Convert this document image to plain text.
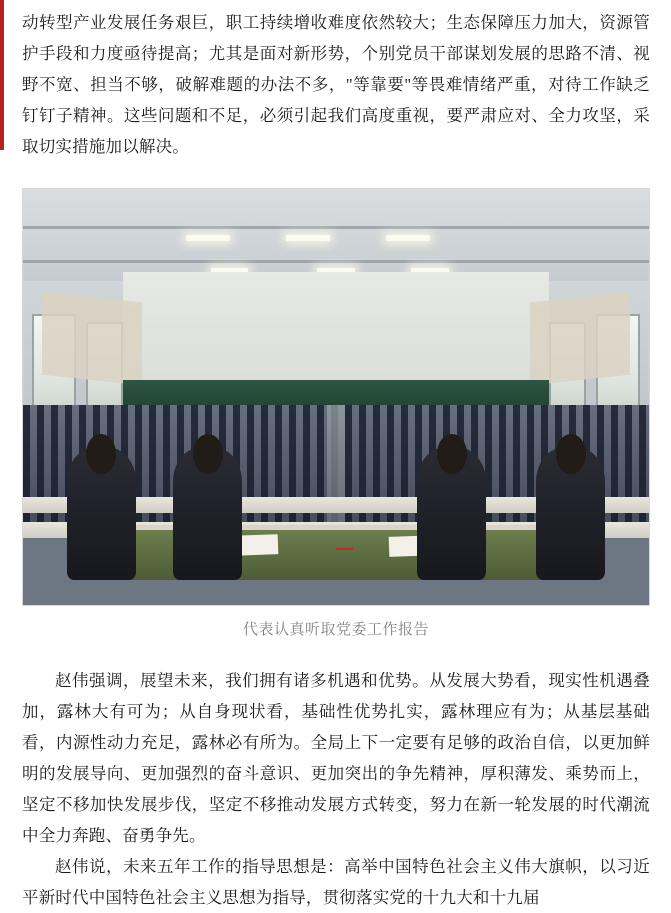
动转型产业发展任务艰巨，职工持续增收难度依然较大；生态保障压力加大，资源管护手段和力度亟待提高；尤其是面对新形势，个别党员干部谋划发展的思路不清、视野不宽、担当不够，破解难题的办法不多，"等靠要"等畏难情绪严重，对待工作缺乏钉钉子精神。这些问题和不足，必须引起我们高度重视，要严肃应对、全力攻坚，采取切实措施加以解决。

代表认真听取党委工作报告

赵伟强调，展望未来，我们拥有诸多机遇和优势。从发展大势看，现实性机遇叠加，露林大有可为；从自身现状看，基础性优势扎实，露林理应有为；从基层基础看，内源性动力充足，露林必有所为。全局上下一定要有足够的政治自信，以更加鲜明的发展导向、更加强烈的奋斗意识、更加突出的争先精神，厚积薄发、乘势而上，坚定不移加快发展步伐，坚定不移推动发展方式转变，努力在新一轮发展的时代潮流中全力奔跑、奋勇争先。

赵伟说，未来五年工作的指导思想是：高举中国特色社会主义伟大旗帜，以习近平新时代中国特色社会主义思想为指导，贯彻落实党的十九大和十九届
